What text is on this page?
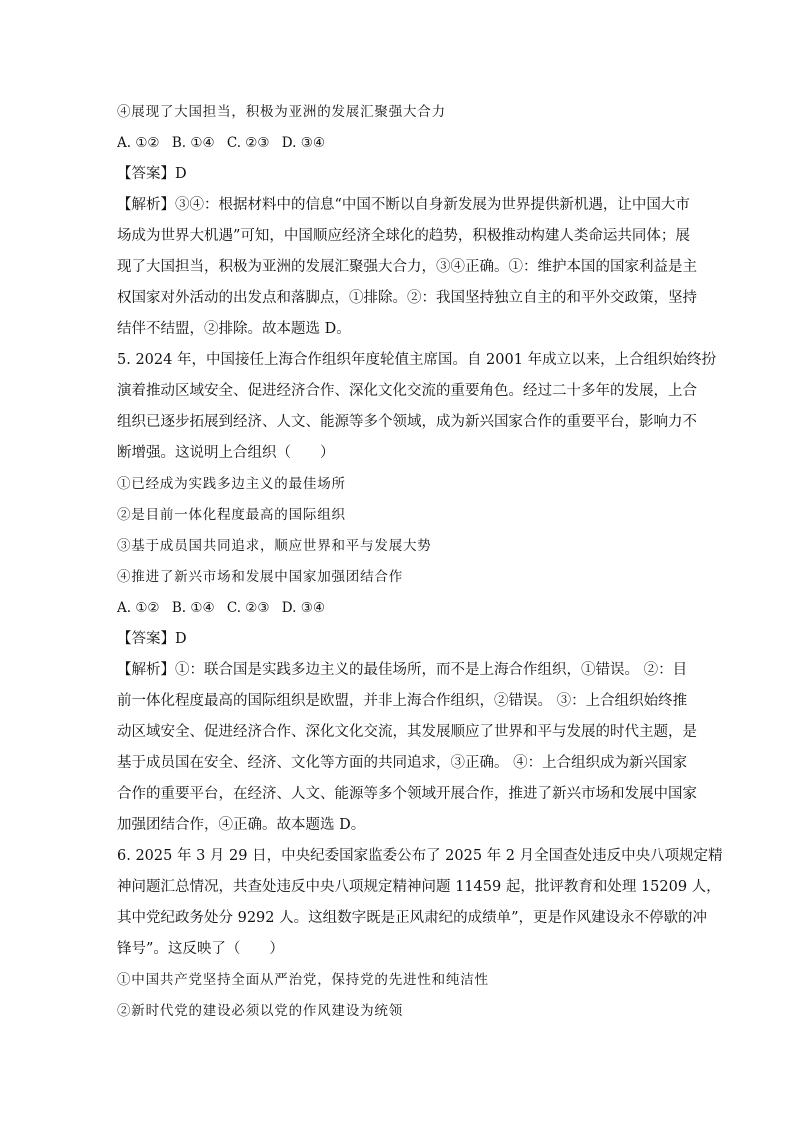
④展现了大国担当，积极为亚洲的发展汇聚强大合力
A. ①② B. ①④ C. ②③ D. ③④
【答案】D

【解析】③④：根据材料中的信息“中国不断以自身新发展为世界提供新机遇，让中国大市

场成为世界大机遇”可知，中国顺应经济全球化的趋势，积极推动构建人类命运共同体；展

现了大国担当，积极为亚洲的发展汇聚强大合力，③④正确。①：维护本国的国家利益是主

权国家对外活动的出发点和落脚点，①排除。②：我国坚持独立自主的和平外交政策，坚持

结伴不结盟，②排除。故本题选 D。

5. 2024 年，中国接任上海合作组织年度轮值主席国。自 2001 年成立以来，上合组织始终扮

演着推动区域安全、促进经济合作、深化文化交流的重要角色。经过二十多年的发展，上合

组织已逐步拓展到经济、人文、能源等多个领域，成为新兴国家合作的重要平台，影响力不

断增强。这说明上合组织（　　）

①已经成为实践多边主义的最佳场所
②是目前一体化程度最高的国际组织
③基于成员国共同追求，顺应世界和平与发展大势
④推进了新兴市场和发展中国家加强团结合作
A. ①② B. ①④ C. ②③ D. ③④
【答案】D

【解析】①：联合国是实践多边主义的最佳场所，而不是上海合作组织，①错误。 ②：目

前一体化程度最高的国际组织是欧盟，并非上海合作组织，②错误。 ③：上合组织始终推

动区域安全、促进经济合作、深化文化交流，其发展顺应了世界和平与发展的时代主题，是

基于成员国在安全、经济、文化等方面的共同追求，③正确。 ④：上合组织成为新兴国家

合作的重要平台，在经济、人文、能源等多个领域开展合作，推进了新兴市场和发展中国家

加强团结合作，④正确。故本题选 D。

6. 2025 年 3 月 29 日，中央纪委国家监委公布了 2025 年 2 月全国查处违反中央八项规定精

神问题汇总情况，共查处违反中央八项规定精神问题 11459 起，批评教育和处理 15209 人，

其中党纪政务处分 9292 人。这组数字既是正风肃纪的成绩单”，更是作风建设永不停歇的冲

锋号”。这反映了（　　）

①中国共产党坚持全面从严治党，保持党的先进性和纯洁性
②新时代党的建设必须以党的作风建设为统领
